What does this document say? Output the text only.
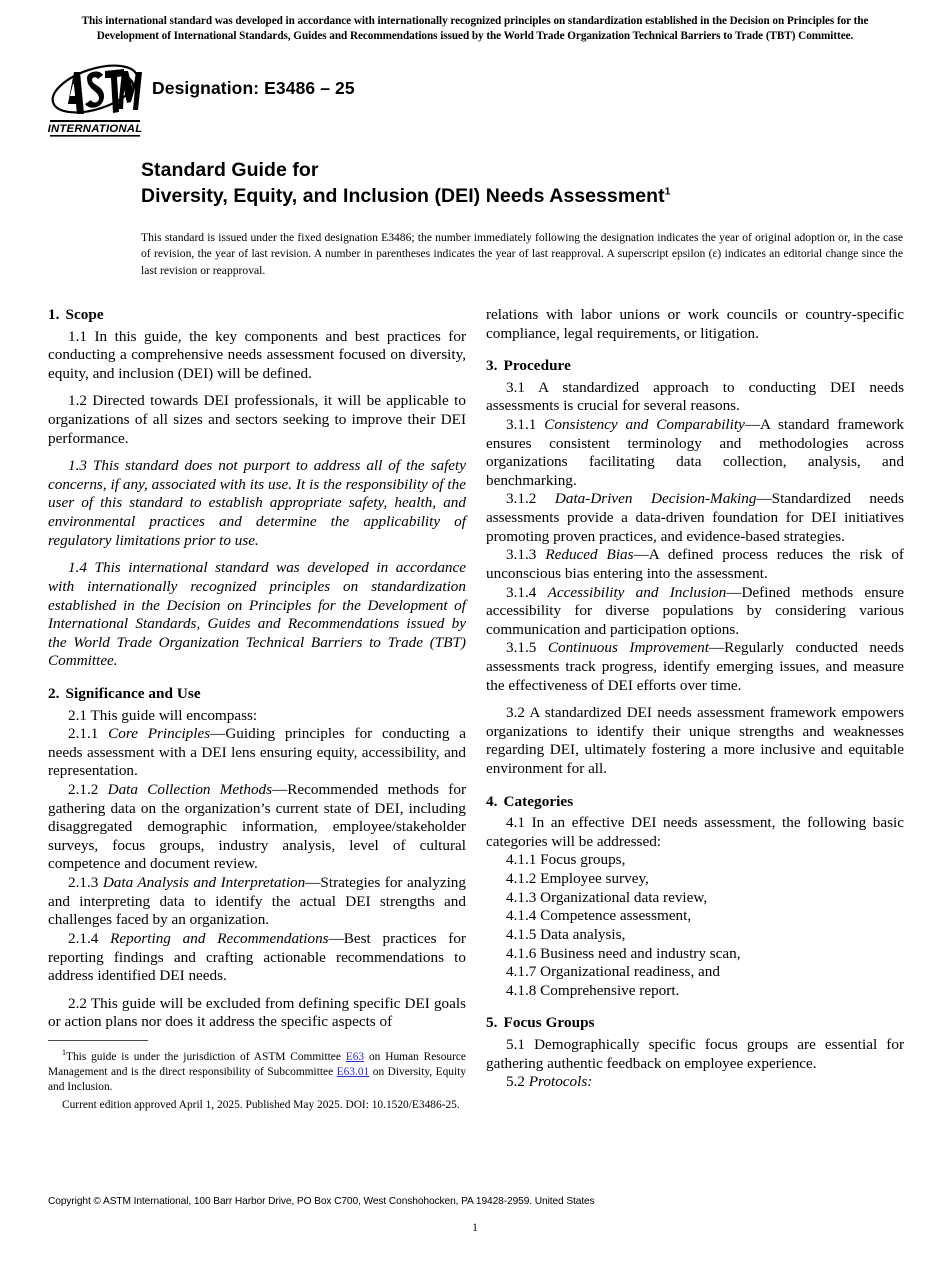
This international standard was developed in accordance with internationally recognized principles on standardization established in the Decision on Principles for the
Development of International Standards, Guides and Recommendations issued by the World Trade Organization Technical Barriers to Trade (TBT) Committee.
INTERNATIONAL
Designation: E3486 – 25
Standard Guide for
Diversity, Equity, and Inclusion (DEI) Needs Assessment$^1$
This standard is issued under the fixed designation E3486; the number immediately following the designation indicates the year of original adoption or, in the case of revision, the year of last revision. A number in parentheses indicates the year of last reapproval. A superscript epsilon (ε) indicates an editorial change since the last revision or reapproval.
1. Scope

1.1 In this guide, the key components and best practices for conducting a comprehensive needs assessment focused on diversity, equity, and inclusion (DEI) will be defined.

1.2 Directed towards DEI professionals, it will be applicable to organizations of all sizes and sectors seeking to improve their DEI performance.

1.3 This standard does not purport to address all of the safety concerns, if any, associated with its use. It is the responsibility of the user of this standard to establish appropriate safety, health, and environmental practices and determine the applicability of regulatory limitations prior to use.

1.4 This international standard was developed in accordance with internationally recognized principles on standardization established in the Decision on Principles for the Development of International Standards, Guides and Recommendations issued by the World Trade Organization Technical Barriers to Trade (TBT) Committee.

2. Significance and Use

2.1 This guide will encompass:

2.1.1 Core Principles—Guiding principles for conducting a needs assessment with a DEI lens ensuring equity, accessibility, and representation.

2.1.2 Data Collection Methods—Recommended methods for gathering data on the organization’s current state of DEI, including disaggregated demographic information, employee/stakeholder surveys, focus groups, industry analysis, level of cultural competence and document review.

2.1.3 Data Analysis and Interpretation—Strategies for analyzing and interpreting data to identify the actual DEI strengths and challenges faced by an organization.

2.1.4 Reporting and Recommendations—Best practices for reporting findings and crafting actionable recommendations to address identified DEI needs.

2.2 This guide will be excluded from defining specific DEI goals or action plans nor does it address the specific aspects of

relations with labor unions or work councils or country-specific compliance, legal requirements, or litigation.

3. Procedure

3.1 A standardized approach to conducting DEI needs assessments is crucial for several reasons.

3.1.1 Consistency and Comparability—A standard framework ensures consistent terminology and methodologies across organizations facilitating data collection, analysis, and benchmarking.

3.1.2 Data-Driven Decision-Making—Standardized needs assessments provide a data-driven foundation for DEI initiatives promoting proven practices, and evidence-based strategies.

3.1.3 Reduced Bias—A defined process reduces the risk of unconscious bias entering into the assessment.

3.1.4 Accessibility and Inclusion—Defined methods ensure accessibility for diverse populations by considering various communication and participation options.

3.1.5 Continuous Improvement—Regularly conducted needs assessments track progress, identify emerging issues, and measure the effectiveness of DEI efforts over time.

3.2 A standardized DEI needs assessment framework empowers organizations to identify their unique strengths and weaknesses regarding DEI, ultimately fostering a more inclusive and equitable environment for all.

4. Categories

4.1 In an effective DEI needs assessment, the following basic categories will be addressed:

4.1.1 Focus groups,

4.1.2 Employee survey,

4.1.3 Organizational data review,

4.1.4 Competence assessment,

4.1.5 Data analysis,

4.1.6 Business need and industry scan,

4.1.7 Organizational readiness, and

4.1.8 Comprehensive report.

5. Focus Groups

5.1 Demographically specific focus groups are essential for gathering authentic feedback on employee experience.

5.2 Protocols:

$^1$This guide is under the jurisdiction of ASTM Committee E63 on Human Resource Management and is the direct responsibility of Subcommittee E63.01 on Diversity, Equity and Inclusion.

Current edition approved April 1, 2025. Published May 2025. DOI: 10.1520/E3486-25.

Copyright © ASTM International, 100 Barr Harbor Drive, PO Box C700, West Conshohocken, PA 19428-2959. United States
1
